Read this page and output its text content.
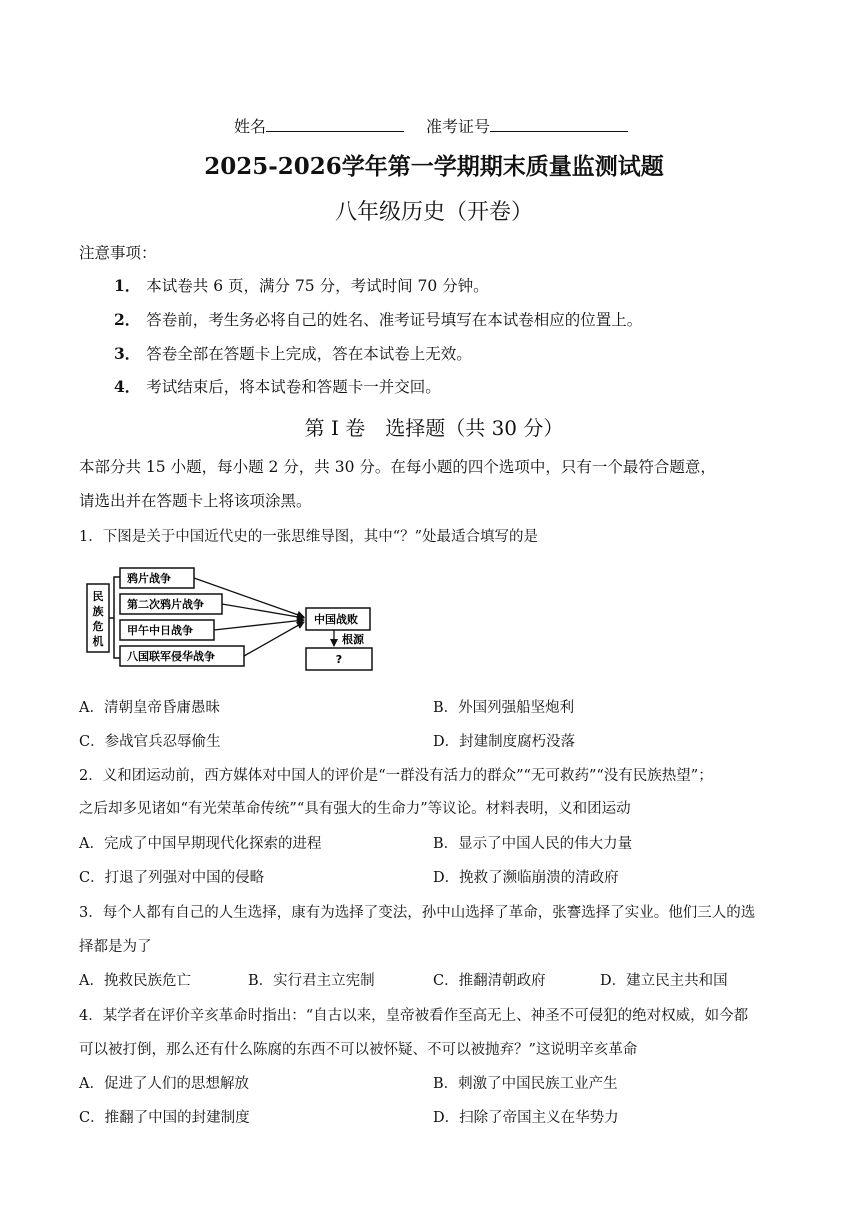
姓名	准考证号
2025-2026学年第一学期期末质量监测试题
八年级历史（开卷）
注意事项：
1． 本试卷共 6 页，满分 75 分，考试时间 70 分钟。
2． 答卷前，考生务必将自己的姓名、准考证号填写在本试卷相应的位置上。
3． 答卷全部在答题卡上完成，答在本试卷上无效。
4． 考试结束后，将本试卷和答题卡一并交回。
第 I 卷　选择题（共 30 分）
本部分共 15 小题，每小题 2 分，共 30 分。在每小题的四个选项中，只有一个最符合题意，
请选出并在答题卡上将该项涂黑。
1．下图是关于中国近代史的一张思维导图，其中“？”处最适合填写的是
民
族
危
机
鸦片战争
第二次鸦片战争
甲午中日战争
八国联军侵华战争
中国战败
根源
?
A．清朝皇帝昏庸愚昧	B．外国列强船坚炮利
C．参战官兵忍辱偷生	D．封建制度腐朽没落
2．义和团运动前，西方媒体对中国人的评价是“一群没有活力的群众”“无可救药”“没有民族热望”；
之后却多见诸如“有光荣革命传统”“具有强大的生命力”等议论。材料表明，义和团运动
A．完成了中国早期现代化探索的进程	B．显示了中国人民的伟大力量
C．打退了列强对中国的侵略	D．挽救了濒临崩溃的清政府
3．每个人都有自己的人生选择，康有为选择了变法，孙中山选择了革命，张謇选择了实业。他们三人的选
择都是为了
A．挽救民族危亡	B．实行君主立宪制	C．推翻清朝政府	D．建立民主共和国
4．某学者在评价辛亥革命时指出：“自古以来，皇帝被看作至高无上、神圣不可侵犯的绝对权威，如今都
可以被打倒，那么还有什么陈腐的东西不可以被怀疑、不可以被抛弃？”这说明辛亥革命
A．促进了人们的思想解放	B．刺激了中国民族工业产生
C．推翻了中国的封建制度	D．扫除了帝国主义在华势力
